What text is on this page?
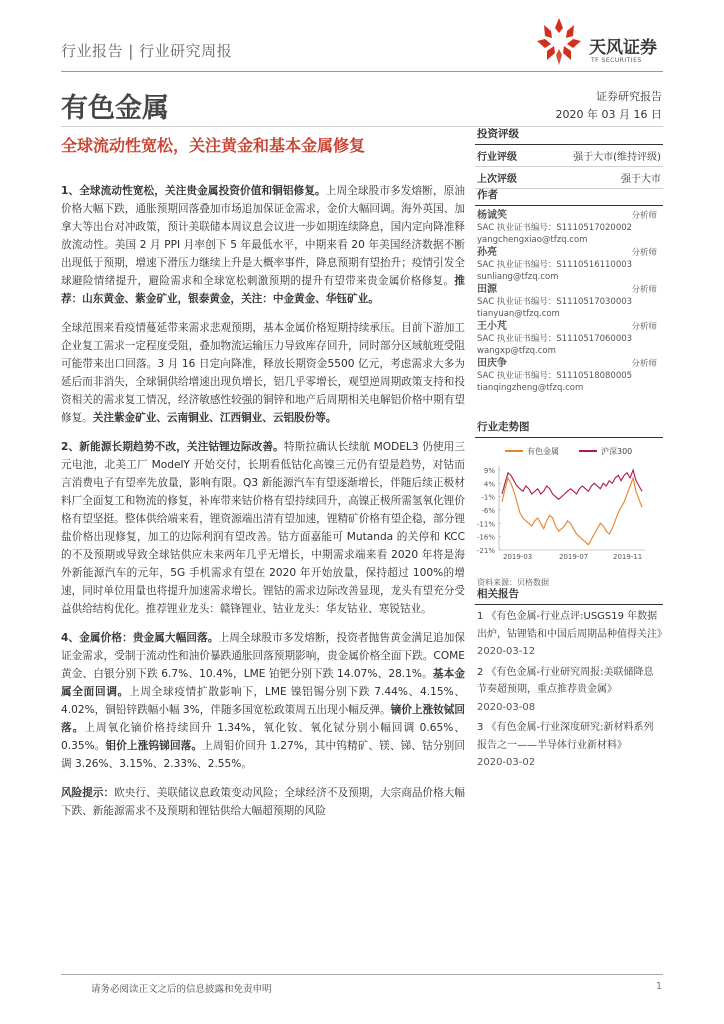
行业报告 | 行业研究周报	天风证券
TF SECURITIES
有色金属	证券研究报告
2020 年 03 月 16 日
全球流动性宽松，关注黄金和基本金属修复

1、全球流动性宽松，关注贵金属投资价值和铜铝修复。上周全球股市多发熔断，原油价格大幅下跌，通胀预期回落叠加市场追加保证金需求，金价大幅回调。海外英国、加拿大等出台对冲政策，预计美联储本周议息会议进一步如期连续降息，国内定向降准释放流动性。美国 2 月 PPI 月率创下 5 年最低水平，中期来看 20 年美国经济数据不断出现低于预期，增速下滑压力继续上升是大概率事件，降息预期有望抬升；疫情引发全球避险情绪提升，避险需求和全球宽松刺激预期的提升有望带来贵金属价格修复。推荐：山东黄金、紫金矿业，银泰黄金，关注：中金黄金、华钰矿业。

全球范围来看疫情蔓延带来需求悲观预期，基本金属价格短期持续承压。目前下游加工企业复工需求一定程度受阻，叠加物流运输压力导致库存回升，同时部分区域航班受阻可能带来出口回落。3 月 16 日定向降准，释放长期资金5500 亿元，考虑需求大多为延后而非消失，全球铜供给增速出现负增长，铝几乎零增长，观望逆周期政策支持和投资相关的需求复工情况，经济敏感性较强的铜锌和地产后周期相关电解铝价格中期有望修复。关注紫金矿业、云南铜业、江西铜业、云铝股份等。

2、新能源长期趋势不改，关注钴锂边际改善。特斯拉确认长续航 MODEL3 仍使用三元电池，北美工厂 ModelY 开始交付，长期看低钴化高镍三元仍有望是趋势，对钴而言消费电子有望率先放量，影响有限。Q3 新能源汽车有望逐渐增长，伴随后续正极材料厂全面复工和物流的修复，补库带来钴价格有望持续回升，高镍正极所需氢氧化锂价格有望坚挺。整体供给端来看，锂资源端出清有望加速，锂精矿价格有望企稳，部分锂盐价格出现修复，加工的边际利润有望改善。钴方面嘉能可 Mutanda 的关停和 KCC 的不及预期或导致全球钴供应未来两年几乎无增长，中期需求端来看 2020 年将是海外新能源汽车的元年，5G 手机需求有望在 2020 年开始放量，保持超过 100%的增速，同时单位用量也将提升加速需求增长。锂钴的需求边际改善显现，龙头有望充分受益供给结构优化。推荐锂业龙头：赣锋锂业、钴业龙头：华友钴业、寒锐钴业。

4、金属价格：贵金属大幅回落。上周全球股市多发熔断，投资者抛售黄金满足追加保证金需求，受制于流动性和油价暴跌通胀回落预期影响，贵金属价格全面下跌。COME 黄金、白银分别下跌 6.7%、10.4%，LME 铂钯分别下跌 14.07%、28.1%。基本金属全面回调。上周全球疫情扩散影响下，LME 镍铝锡分别下跌 7.44%、4.15%、4.02%，铜铅锌跌幅小幅 3%，伴随多国宽松政策周五出现小幅反弹。镝价上涨钕铽回落。上周氧化镝价格持续回升 1.34%，氧化钕、氧化铽分别小幅回调 0.65%、0.35%。钼价上涨钨锑回落。上周钼价回升 1.27%，其中钨精矿、镁、锑、钴分别回调 3.26%、3.15%、2.33%、2.55%。

风险提示：欧央行、美联储议息政策变动风险；全球经济不及预期，大宗商品价格大幅下跌、新能源需求不及预期和锂钴供给大幅超预期的风险

投资评级
行业评级	强于大市(维持评级)
上次评级	强于大市
作者
杨诚笑	分析师
SAC 执业证书编号：S1110517020002
yangchengxiao@tfzq.com
孙亮	分析师
SAC 执业证书编号：S1110516110003
sunliang@tfzq.com
田源	分析师
SAC 执业证书编号：S1110517030003
tianyuan@tfzq.com
王小芃	分析师
SAC 执业证书编号：S1110517060003
wangxp@tfzq.com
田庆争	分析师
SAC 执业证书编号：S1110518080005
tianqingzheng@tfzq.com
行业走势图
有色金属	沪深300
9%
4%
-1%
-6%
-11%
-16%
-21%
2019-03	2019-07	2019-11
资料来源：贝格数据
相关报告
1 《有色金属-行业点评:USGS19 年数据出炉，钴锂锆和中国后周期品种值得关注》
2020-03-12
2 《有色金属-行业研究周报:美联储降息节奏超预期，重点推荐贵金属》
2020-03-08
3 《有色金属-行业深度研究:新材料系列报告之一——半导体行业新材料》
2020-03-02
请务必阅读正文之后的信息披露和免责申明	1
